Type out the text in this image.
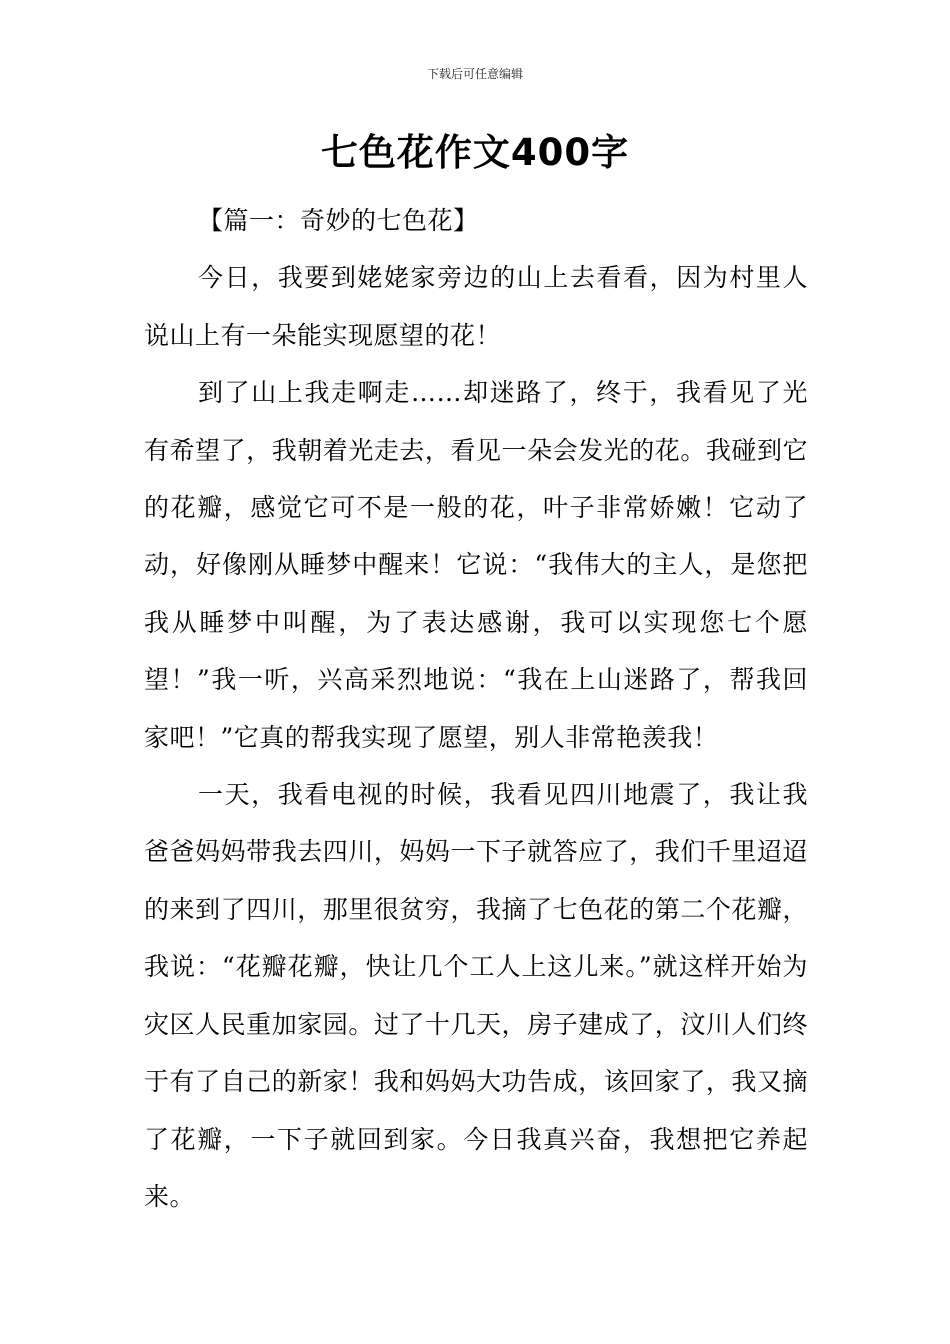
下载后可任意编辑
七色花作文400字

【篇一：奇妙的七色花】

今日，我要到姥姥家旁边的山上去看看，因为村里人说山上有一朵能实现愿望的花！

到了山上我走啊走……却迷路了，终于，我看见了光有希望了，我朝着光走去，看见一朵会发光的花。我碰到它的花瓣，感觉它可不是一般的花，叶子非常娇嫩！它动了动，好像刚从睡梦中醒来！它说：“我伟大的主人，是您把我从睡梦中叫醒，为了表达感谢，我可以实现您七个愿望！”我一听，兴高采烈地说：“我在上山迷路了，帮我回家吧！”它真的帮我实现了愿望，别人非常艳羡我！

一天，我看电视的时候，我看见四川地震了，我让我爸爸妈妈带我去四川，妈妈一下子就答应了，我们千里迢迢的来到了四川，那里很贫穷，我摘了七色花的第二个花瓣，我说：“花瓣花瓣，快让几个工人上这儿来。”就这样开始为灾区人民重加家园。过了十几天，房子建成了，汶川人们终于有了自己的新家！我和妈妈大功告成，该回家了，我又摘了花瓣，一下子就回到家。今日我真兴奋，我想把它养起来。
